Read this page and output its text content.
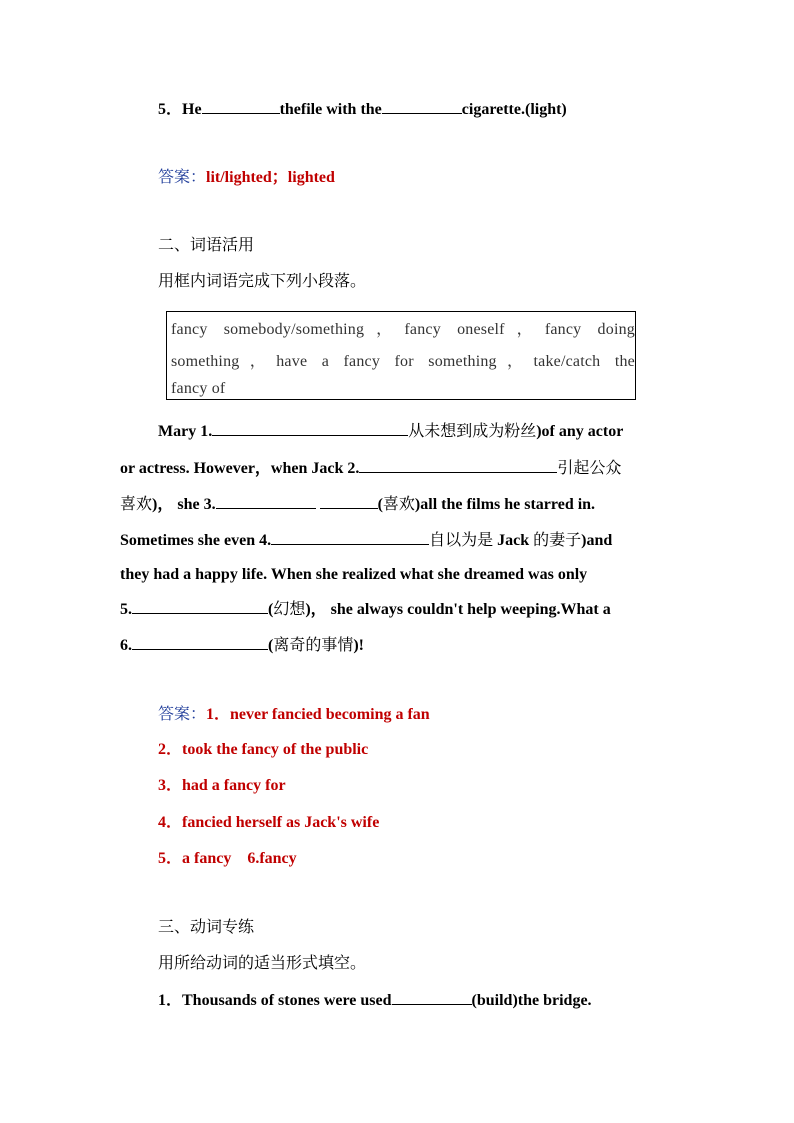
5．He	thefile with the	cigarette.(light)
答案：lit/lighted；lighted
二、词语活用
用框内词语完成下列小段落。
fancy somebody/something，fancy oneself，fancy doing
something，have a fancy for something，take/catch the
fancy of
Mary 1.	从未想到成为粉丝)of any actor
or actress. However，when Jack 2.	引起公众
喜欢)， she 3.	(喜欢)all the films he starred in.
Sometimes she even 4.	自以为是 Jack 的妻子)and
they had a happy life. When she realized what she dreamed was only
5.	(幻想)， she always couldn't help weeping.What a
6.	(离奇的事情)!
答案：1．never fancied becoming a fan
2．took the fancy of the public
3．had a fancy for
4．fancied herself as Jack's wife
5．a fancy    6.fancy
三、动词专练
用所给动词的适当形式填空。
1．Thousands of stones were used	(build)the bridge.
